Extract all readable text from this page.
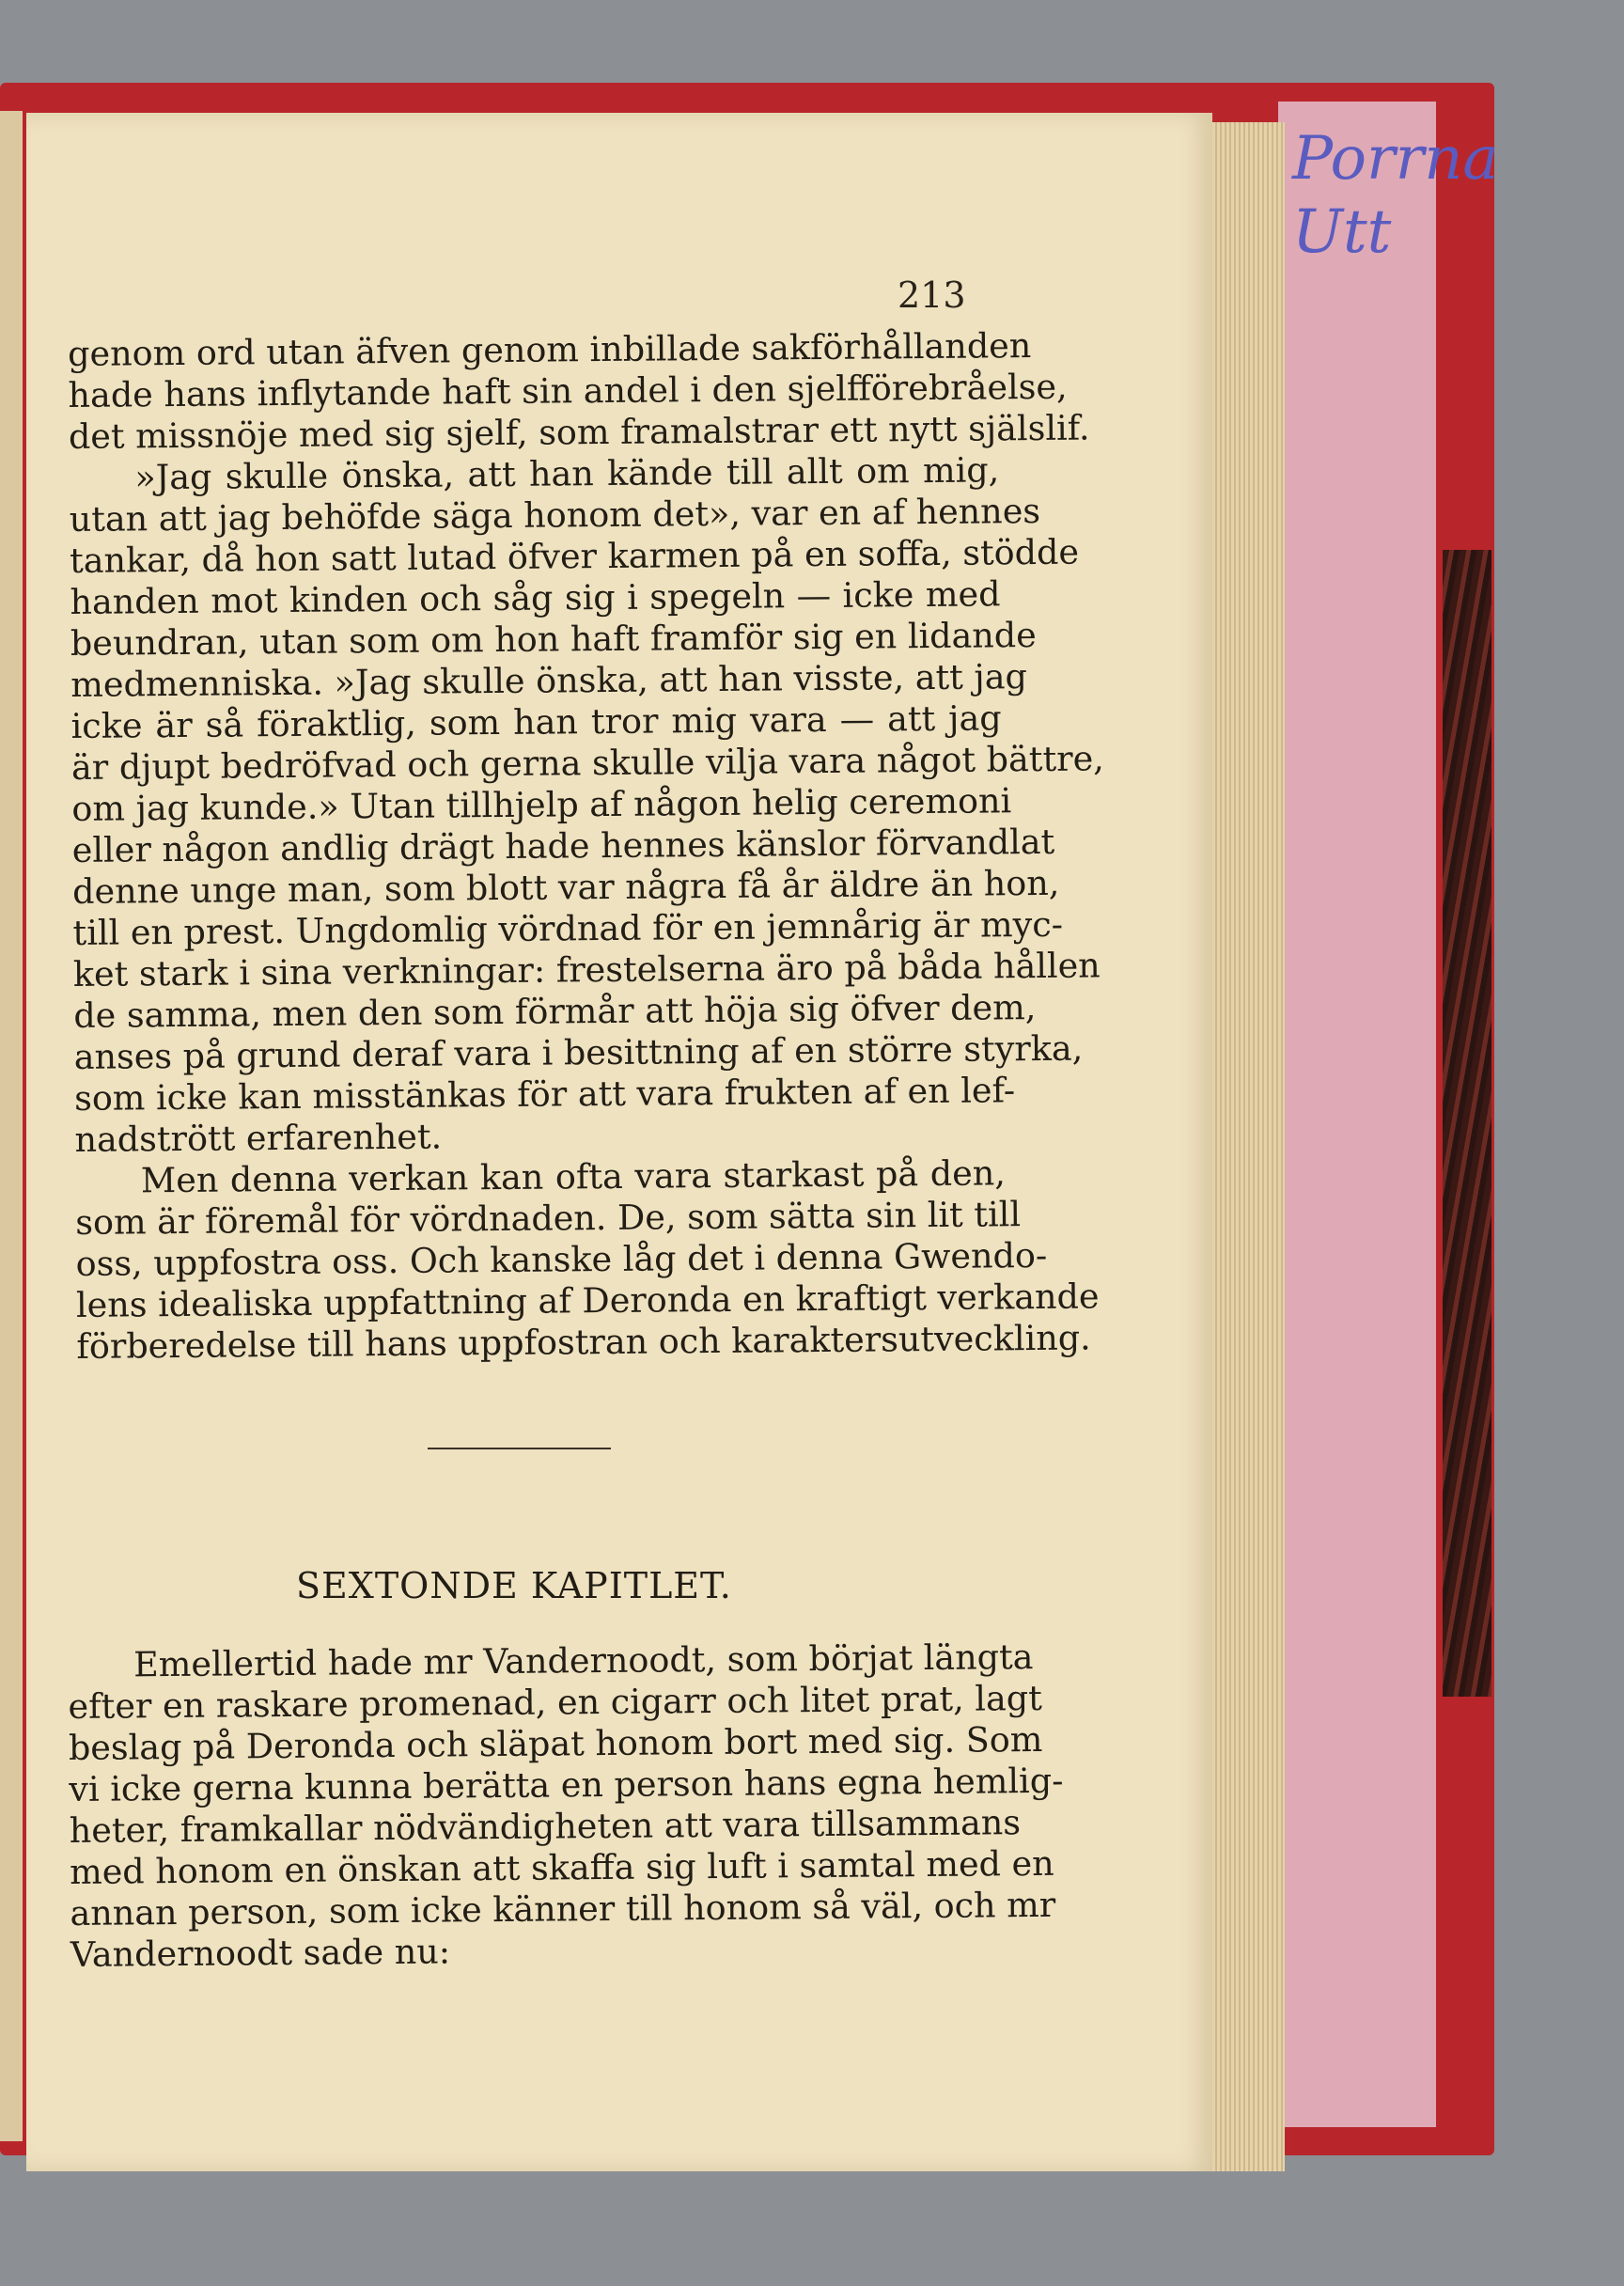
Porrna
Utt
213
genom ord utan äfven genom inbillade sakförhållanden
hade hans inflytande haft sin andel i den sjelfförebråelse,
det missnöje med sig sjelf, som framalstrar ett nytt själslif.
»Jag skulle önska, att han kände till allt om mig,
utan att jag behöfde säga honom det», var en af hennes
tankar, då hon satt lutad öfver karmen på en soffa, stödde
handen mot kinden och såg sig i spegeln — icke med
beundran, utan som om hon haft framför sig en lidande
medmenniska. »Jag skulle önska, att han visste, att jag
icke är så föraktlig, som han tror mig vara — att jag
är djupt bedröfvad och gerna skulle vilja vara något bättre,
om jag kunde.» Utan tillhjelp af någon helig ceremoni
eller någon andlig drägt hade hennes känslor förvandlat
denne unge man, som blott var några få år äldre än hon,
till en prest. Ungdomlig vördnad för en jemnårig är myc-
ket stark i sina verkningar: frestelserna äro på båda hållen
de samma, men den som förmår att höja sig öfver dem,
anses på grund deraf vara i besittning af en större styrka,
som icke kan misstänkas för att vara frukten af en lef-
nadstrött erfarenhet.
Men denna verkan kan ofta vara starkast på den,
som är föremål för vördnaden. De, som sätta sin lit till
oss, uppfostra oss. Och kanske låg det i denna Gwendo-
lens idealiska uppfattning af Deronda en kraftigt verkande
förberedelse till hans uppfostran och karaktersutveckling.
SEXTONDE KAPITLET.
Emellertid hade mr Vandernoodt, som börjat längta
efter en raskare promenad, en cigarr och litet prat, lagt
beslag på Deronda och släpat honom bort med sig. Som
vi icke gerna kunna berätta en person hans egna hemlig-
heter, framkallar nödvändigheten att vara tillsammans
med honom en önskan att skaffa sig luft i samtal med en
annan person, som icke känner till honom så väl, och mr
Vandernoodt sade nu:
